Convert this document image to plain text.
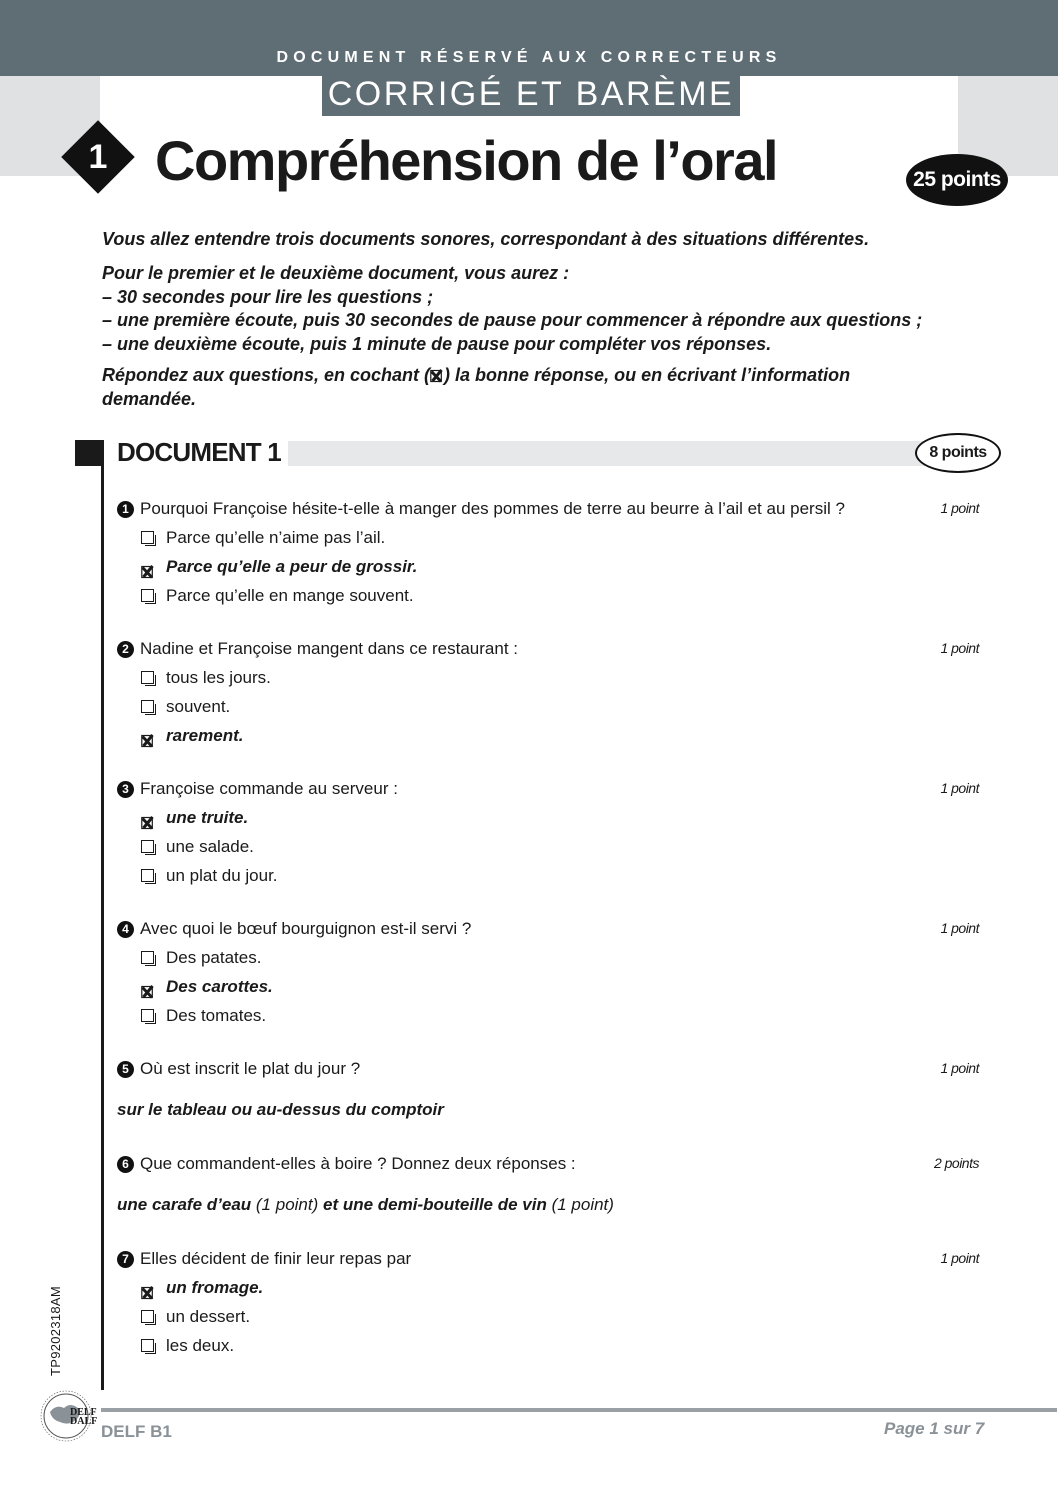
DOCUMENT RÉSERVÉ AUX CORRECTEURS
CORRIGÉ ET BARÈME
1 Compréhension de l’oral	25 points

Vous allez entendre trois documents sonores, correspondant à des situations différentes.

Pour le premier et le deuxième document, vous aurez :

– 30 secondes pour lire les questions ;

– une première écoute, puis 30 secondes de pause pour commencer à répondre aux questions ;

– une deuxième écoute, puis 1 minute de pause pour compléter vos réponses.

Répondez aux questions, en cochant ( ) la bonne réponse, ou en écrivant l’information

demandée.

DOCUMENT 1	8 points
1 Pourquoi Françoise hésite-t-elle à manger des pommes de terre au beurre à l’ail et au persil ?	1 point
Parce qu’elle n’aime pas l’ail.
Parce qu’elle a peur de grossir.
Parce qu’elle en mange souvent.
2 Nadine et Françoise mangent dans ce restaurant :	1 point
tous les jours.
souvent.
rarement.
3 Françoise commande au serveur :	1 point
une truite.
une salade.
un plat du jour.
4 Avec quoi le bœuf bourguignon est-il servi ?	1 point
Des patates.
Des carottes.
Des tomates.
5 Où est inscrit le plat du jour ?	1 point
sur le tableau ou au-dessus du comptoir
6 Que commandent-elles à boire ? Donnez deux réponses :	2 points
une carafe d’eau (1 point) et une demi-bouteille de vin (1 point)
7 Elles décident de finir leur repas par	1 point
un fromage.
un dessert.
les deux.
TP9202318AM
DELF
DALF
DELF B1	Page 1 sur 7
